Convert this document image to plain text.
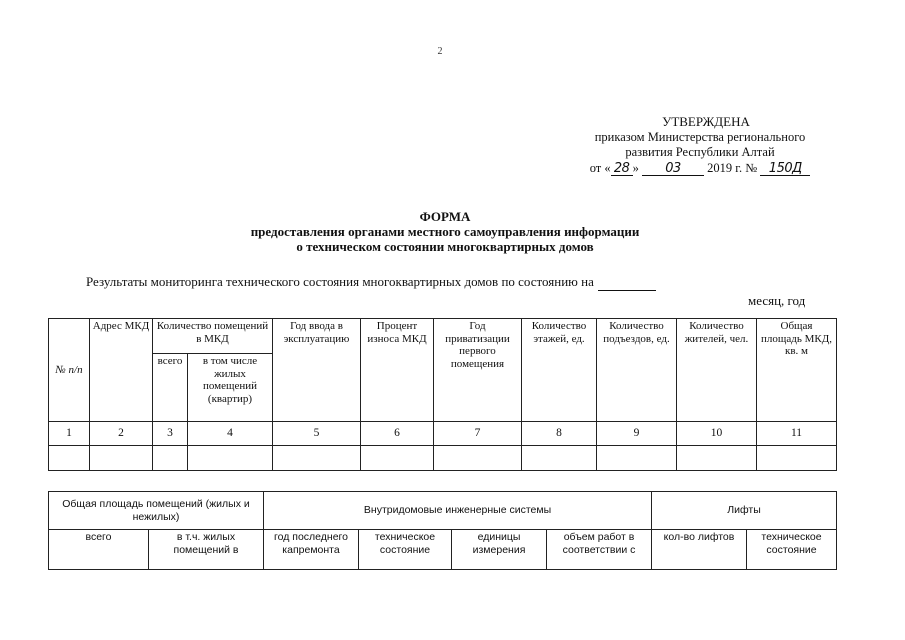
2
УТВЕРЖДЕНА
приказом Министерства регионального
развития Республики Алтай
от « 28 » 03 2019 г. № 150Д
ФОРМА
предоставления органами местного самоуправления информации
о техническом состоянии многоквартирных домов
Результаты мониторинга технического состояния многоквартирных домов по состоянию на
месяц, год
№ п/п	Адрес МКД	Количество помещений в МКД		Год ввода в эксплуатацию	Процент износа МКД	Год приватизации первого помещения	Количество этажей, ед.	Количество подъездов, ед.	Количество жителей, чел.	Общая площадь МКД, кв. м
		всего	в том числе жилых помещений (квартир)							
1	2	3	4	5	6	7	8	9	10	11

Общая площадь помещений (жилых и нежилых)		Внутридомовые инженерные системы				Лифты	
всего	в т.ч. жилых помещений в	год последнего капремонта	техническое состояние	единицы измерения	объем работ в соответствии с	кол-во лифтов	техническое состояние
